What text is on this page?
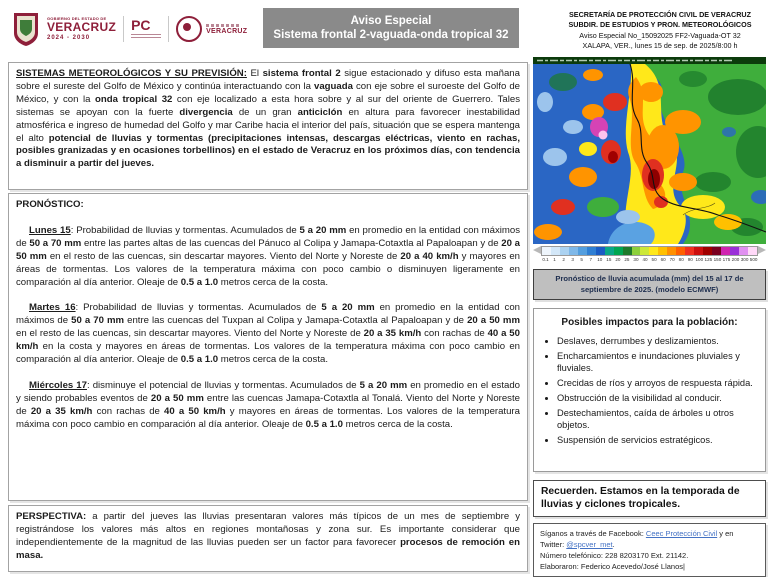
GOBIERNO DEL ESTADO DE
VERACRUZ
2024 - 2030
PC	VERACRUZ
Aviso Especial
Sistema frontal 2-vaguada-onda tropical 32
SECRETARÍA DE PROTECCIÓN CIVIL DE VERACRUZ
SUBDIR. DE ESTUDIOS Y PRON. METEOROLÓGICOS
Aviso Especial No_15092025 FF2-Vaguada-OT 32
XALAPA, VER., lunes 15 de sep. de 2025/8:00 h
SISTEMAS METEOROLÓGICOS Y SU PREVISIÓN: El sistema frontal 2 sigue estacionado y difuso esta mañana sobre el sureste del Golfo de México y continúa interactuando con la vaguada con eje sobre el suroeste del Golfo de México, y con la onda tropical 32 con eje localizado a esta hora sobre y al sur del oriente de Guerrero. Tales sistemas se apoyan con la fuerte divergencia de un gran anticiclón en altura para favorecer inestabilidad atmosférica e ingreso de humedad del Golfo y mar Caribe hacia el interior del país, situación que se espera mantenga el alto potencial de lluvias y tormentas (precipitaciones intensas, descargas eléctricas, viento en rachas, posibles granizadas y en ocasiones torbellinos) en el estado de Veracruz en los próximos días, con tendencia a disminuir a partir del jueves.
PRONÓSTICO:
Lunes 15: Probabilidad de lluvias y tormentas. Acumulados de 5 a 20 mm en promedio en la entidad con máximos de 50 a 70 mm entre las partes altas de las cuencas del Pánuco al Colipa y Jamapa-Cotaxtla al Papaloapan y de 20 a 50 mm en el resto de las cuencas, sin descartar mayores. Viento del Norte y Noreste de 20 a 40 km/h y mayores en áreas de tormentas. Los valores de la temperatura máxima con poco cambio o disminuyen ligeramente en comparación al día anterior. Oleaje de 0.5 a 1.0 metros cerca de la costa.
Martes 16: Probabilidad de lluvias y tormentas. Acumulados de 5 a 20 mm en promedio en la entidad con máximos de 50 a 70 mm entre las cuencas del Tuxpan al Colipa y Jamapa-Cotaxtla al Papaloapan y de 20 a 50 mm en el resto de las cuencas, sin descartar mayores. Viento del Norte y Noreste de 20 a 35 km/h con rachas de 40 a 50 km/h en la costa y mayores en áreas de tormentas. Los valores de la temperatura máxima con poco cambio en comparación al día anterior. Oleaje de 0.5 a 1.0 metros cerca de la costa.
Miércoles 17: disminuye el potencial de lluvias y tormentas. Acumulados de 5 a 20 mm en promedio en el estado y siendo probables eventos de 20 a 50 mm entre las cuencas Jamapa-Cotaxtla al Tonalá. Viento del Norte y Noreste de 20 a 35 km/h con rachas de 40 a 50 km/h y mayores en áreas de tormentas. Los valores de la temperatura máxima con poco cambio en comparación al día anterior. Oleaje de 0.5 a 1.0 metros cerca de la costa.
PERSPECTIVA: a partir del jueves las lluvias presentaran valores más típicos de un mes de septiembre y registrándose los valores más altos en regiones montañosas y zona sur. Es importante considerar que independientemente de la magnitud de las lluvias pueden ser un factor para favorecer procesos de remoción en masa.
0.1 1	2	3	5	7	10 15 20 25 30 40 50 60 70 80 90 100 125 150 175 200 300 500
Pronóstico de lluvia acumulada (mm) del 15 al 17 de septiembre de 2025. (modelo ECMWF)
Posibles impactos para la población:
• Deslaves, derrumbes y deslizamientos.
• Encharcamientos e inundaciones pluviales y fluviales.
• Crecidas de ríos y arroyos de respuesta rápida.
• Obstrucción de la visibilidad al conducir.
• Destechamientos, caída de árboles u otros objetos.
• Suspensión de servicios estratégicos.
Recuerden. Estamos en la temporada de lluvias y ciclones tropicales.
Síganos a través de Facebook: Ceec Protección Civil y en Twitter: @spcver_met.
Número telefónico: 228 8203170 Ext. 21142.
Elaboraron: Federico Acevedo/José Llanos|
